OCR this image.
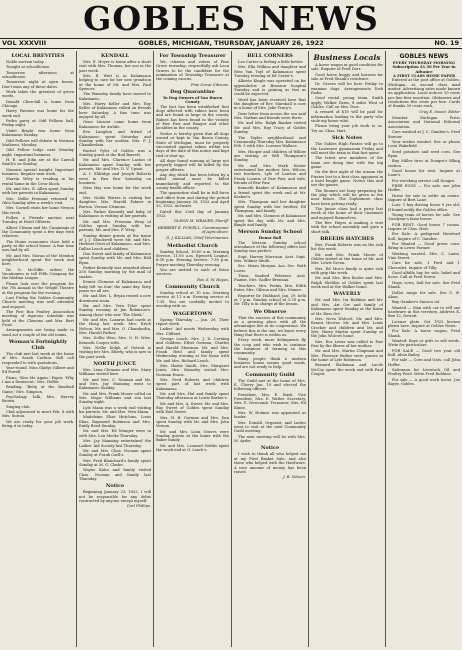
GOBLES NEWS
GOBLES, MICHIGAN, THURSDAY, JANUARY 26, 1922
VOL XXXVIII	NO. 19
LOCAL BREVITIES

Noble auction today.

Tonight at schoolhouse.

Tomorrow afternoon at schoolhouse.

Tomorrow night at open house. Don't miss any of these dates.

Work takes the greenest of green words.

Donald Churchill is home from Chicago.

Harry Parsons was home for the week end.

Pedro party at Odd Fellows hall, Friday night.

Violet Bright was home from Kalamazoo Sunday.

Odd Fellows will debate in Norman Mathews, Monday.

Odd Fellow lodge next Monday night. Important business.

H. E. and John ate at the Carroll Smith's on Sunday.

Masonic special tonight. Important business. Regular next week.

Marvin Veley is residing in his rental home in the Crow block.

Mr. and Mrs. E. Allen spent Sunday with her parents in Kalamazoo.

Mrs. Nellie Fremont returned to Ohio Sunday after a week's visit.

Mrs. Cornell visits her home Vernon this week.

Follow a Friends auction next Tuesday at Hotel Gilberts.

Albert Clemm and Mr. Cummings of the Community spent a few days with relatives.

The Home economics class held a party at the school house. A fine time was had by all.

Mr. and Mrs. Moran of the Mendon neighborhood spent the week end here.

Dr. G. McGiffie orders the Vacationers to tell Fifth Company for the Medina League.

Please look over the program for the 7th Annual in the Wright Theatre at the program for the evening.

Last Friday the Gobles Community Church meeting was well attended and enjoyed.

The Post Box Poultry Association meeting of rigorous schedule was held at the Clemons and Mrs. Bert Frost.

Arrangements are being made to send out a couple of the old teams.

Woman's Fortnightly Club

The club met last week at the home of Mrs. Sarah Carlton. Roll call responded to with quotations.

Year-round, Miss Gladys Gilbert and Ed Powell.

Piano, 'Kiss Me Again.' Paper, 'Why I Am a Democrat,' Mrs. Hoffer.

Reading, 'Betty at the Baseball Game,' Mrs. Simpson.

Psychology Talk, Mrs. Harvey Brown.

Singing club.

Club adjourned to meet Feb. 8 with Mrs. Sutton.

We are ready for your job work. Bring it in today.

KENDALL

Mrs. E. Hoyer is home after a short visit with Mrs. Thomas, her son in the past week.

Mrs. R. Watt is in Kalamazoo helping to care for her new grandson at the home of Mr. and Mrs. Paul Spencer.

The Wamsley family have moved to Kalamazoo.

Mrs. Harry Keller and Mrs. Roy Keller of Kalamazoo called on friends here Saturday. A fine time was enjoyed by all.

Gene Linsner came home from Kalamazoo for awhile.

Eva Langdon and friend of Kalamazoo spent Saturday and Sunday with her mother, Mrs. P. J. Chamberlain.

Rachel Tyler of Gobles was a Sunday guest at the Bud Barrett.

Mr. and Mrs. Clarence Laston of Kalamazoo spent Sunday with her parents, Mr. and Mrs. D. V. Upson.

A. I. Eldridge and Joseph Roberts were in Paw Paw Saturday on business.

Miss Hay was home for the week end.

Mrs. Noble Waters is visiting her daughter, Mrs. Harold Palmer in Burton, Vernon Clemons.

Mrs. Parker Kennedy and baby, of Kalamazoo is visiting at her parents.

Mr. and Mrs. Freeman Wray of Gobles spent Sunday with her parents, Mr. and Mrs. F. Wray.

Sunday dinner guests at the home of J. J. Shuckwell were Mr. and Mrs. Herbert Geist of Kalamazoo, and Mrs. Dallas Leach and children.

Don Sweet and family of Kalamazoo spent Sunday with Mr. and Mrs. Edd Ryan.

Parker Kennedy was awarded about 250 Sunday morning by the mail of snakes.

Ernest Clemons of Kalamazoo and baby left 'on tour' the same day. Sixty years we all are.

Mr. and Mrs. L. Bryan rented a new downtown room.

Mr. and Mrs. Vern Tyler spent Sunday evening at Jim Robinson's. Among those who saw 'The Sheik.'

Mr. and Mrs. Lazarus had cards at the Hoag last week. Mrs. Erich Nelson, Mr. and Mrs. O. Chamberlin, Mrs. Harold Parker.

Mrs. Nellie Wise, Mrs. O. H. Wise, Kenneth Cooper with.

Mrs. Nellie Kolph of Detroit is visiting her Mrs. Eberly, who is now in the past week.

NORTH JUNCT.

Mrs. Lena Clemons and Mrs. Mary Williams visited here.

Mr. and Mrs. C. Noonan and Mr. and Mrs. Jay Manning went to Kalamazoo Sunday.

Mr. and Mrs. Frank Moore called on Mrs. Major Williams and son last Sunday night.

Lyle Mann was a week end visiting his parents, Mr. and Mrs. Vern Mann.

Madeleine Elias Hutchins, Louis Elias, Raymond Robinson and Mrs. Emily Reed Sunday.

Mr. and Mrs. Ed Munger were in with Mrs. Lou Meeks Thursday.

Mrs. Jay Manning entertained the Ladies' Aid Society last Thursday.

Mr. and Mrs. Chas. Noonan spent Sunday at Frank Carll's.

Mrs. Fred Blanchard's family spent Sunday at M. G. Clarke.

Wayne Kuhn and family visited Chas. Noonan and family last Thursday.

Notice

Beginning January 23, 1922, I will not be responsible for any debts contracted by anyone except myself.

Carl Phillips.
For Township Treasurer

We, citizens and voters of Pine Grove township, respectfully ask Leon Graves to be the candidate for the nomination of Township Treasurer at the coming caucus.

Pine Grove Citizens.
Dog Quarantine
To Dog Owners of Van Buren County

The fact has been established that dogs affected with rabies have been and are found at large in the county. Rabies has been found in the vicinity of Paw Paw and Bangor and other localities in the county.

Notice is hereby given that all dogs owned or kept in Van Buren County, State of Michigan, must be properly vaccinated against rabies within ten days of the date of this notice and kept tied or shut up.

All dogs found running at large not properly tagged will be killed by the proper officers.

Any dog which has been bitten by a rabid animal must be killed immediately and reported to the county health officer.

The quarantine shall be in full force and effect from and during the period beginning January 26, 1922 and April 25, 1922, inclusive.

Dated this 23rd day of January 1922.

GLENN M. WEAVER, Sheriff.
HERBERT E. POWELL, Commissioner of Agriculture.
D. J. KILLIAN, Chief Veterinarian.
Methodist Church

Sunday School, 10:00 a.m. Morning Service, 11:00 a.m. Epworth League, 6:30 p.m. Evening Service, 7:30 p.m. Prayer meeting Thursday evening.

You are invited to each of these services.

Rev. S. W. Hayes.
Community Church

Sunday school at 10 a.m. Morning service at 11 a.m. Evening service at 7:30. You are cordially invited to worship with us.

WAGERTOWN

Spring Thursday — Jan. 26. Their report week.

Ladies' Aid meets Wednesday with Mrs. Clifford.

George Leach, Mrs. J. D. Corning and children, Ethel Gorman, Charles and Harold Sherman. Mr. and Mrs. Frank Reid and family spent Wednesday evening at the home with Mr. and Mrs. Richard Leach.

Mrs. Hattie Smith, Mrs. Margaret Jones, Mrs. Wamsley visited Mrs. Norman Evans.

Mrs. Fred Roberts and children spent part of last week with Kalamazoo.

Mr. and Mrs. Hal and family spent Thursday afternoon at Lewis Barker's.

Mr. and Mrs. A. Sweet, Mr. and Mrs. Ray Sweet of Gobles spent Sunday with Earl Sweet.

Mrs. H. B. Gorman and Mrs. Dan spent Sunday with Mr. and Mrs. John Vernon.

Mr. and Mrs. Leon Graves were Sunday guests at the home with the Baker family.

Mr. and Mrs. Leonard Gribbs spent the week end at G. Leach's.

BELL CORNERS

Leo Carter is feeling a little better.

Mrs. Ella Wilkins and daughter and Miss Van Tuyl of Kalamazoo spent Tuesday evening at Ed Carter's.

Alberta Kingle was operated on for appendicitis at Bronson hospital Tuesday and is gaining as fast as could be expected.

Word has been received here that the daughter of Rev. Marshall is now in a home of Mrs. Julie Tracy's.

Dear letter from across the sea said Mrs. Nathan and friends were there.

Mr. and Mrs. Ralph Banker visited Mr. and Mrs. Roy Tracy of Gobles Sunday.

The Taylor neighborhood and Community Thursday Mrs. Kalamazoo Feb. 3 with Mrs. Lorenzo Wallace.

Mrs. Hooper and children of Willow are visiting at Will Thompson's Sunday.

Mr. and Mrs. Mark Kester entertained her mother, Mrs. Wilcox, two brothers, Lyle of Lawton and Frank Loomis of Paw Paw, and wife, friends of Paw Paw.

Kenneth Banker of Kalamazoo and a friend spent the week end at Mr. Kecker's.

Mrs. Thompson and her daughter spent Sunday with her brother, Ed Thompson, and family.

Mr. and Mrs. Clemens of Kalamazoo spent the day with Mr. and Mrs. Bingle and family.

Merson Sunday School
Honor Roll

The Merson Sunday school attendance of the following offers last Sunday was perfect:

Supt. Harvey Morrison. Asst. Supt. Mrs. Wilmer Smith.

Sec. Mines Morgan. Ass. Sec. Ruth Lewis.

Treas. Sanford Peterson. Asst. Pianist, Mrs. Sadler Brennan.

Teachers, Mrs. Perkis, Mrs. Edith Eater, Mrs. Gibson and Mrs. Maxon.

Reporter Dr. Hubbard. Jan. 29, held at 7 p.m. Sunday school at 1:30 p.m. Mr. Tilly is in charge of the lesson.

We Observe

That the success of this community as a growing place with all the advantages lies in its cooperation. We believe this is the one, we know every thing that there is within us.

Every week, more delinquents fly the coop and who wish to continue the business of farming in this community.

Many people think a modern business house means good roads, and are not ready to help.

Community Guild

The Guild met at the home of Mrs. E. Cherry Jan. 19 and elected the following officers:

President, Mrs. E. Bush. Vice President, Mrs. E. Walter. Secretary, Mrs. E. Newcomb. Treasurer, Mrs. Ed Kinne.

Mrs. W. Holmes was appointed as leader.

Mrs. Donald, Organist, and Ladies went to visit at the next Community Guild meeting.

The next meeting will be with Mrs. M. Ayder.

Notice

I wish to thank all who helped me at my First Basket Sale, and also those who helped with the Hardware. A nice amount of money has been raised.

J. B. Nelson.
Business Locals

A horse wagon in good condition for sale. Enquire of Fred Dorr.

Good horse buggy and harness for sale at Fred Shank's residence.

Dr. Graves will be here Friday to examine dogs. Arrangements Dick Parks.

Good rental young team, Smith apply, Walker Farm, 8 miles West of Gobles. Call on Mrs. Dorr.

A reward of $10 will be paid for information leading to the party who stole my horse robe.

Please bring your job work to us. Try us. Chas. Hart.

Sick Notes

The Gobles High Pirates will go to the Lawrence gymnasium Friday and will meet the team in that fast game.

The latest new members of the team are doing fine with the big game.

On the first night of the season the Pirates lost to a first class opponent in a hard fought game. Notice this and see the games.

The Seniors are busy preparing for the play which will be given in the near future. The Sophomore class have been getting ready.

The Junior class had a party last week at the home of their classmate and enjoyed themselves.

The Rev. Hayes is making a visit with the school assembly and gave a short talk.

BREEDS HATCHES

Mrs. Frank Roberts was on the sick list this week.

Mr. and Mrs. Frank Moore of Gobles visited at the home of Mr. and Mrs. Lewis Green.

Mrs. Ed Moe's family is quite sick with grip this week.

Mr. and Mrs. Ben Kesler and Mrs. Ralph Sheldon of Gobles spent last week end at the Walker home.

WAVERLY

Mr. and Mrs. Ira Robbins and Mr. and Mrs. Art Orr and family of Kalamazoo spent Sunday at the home of Mr. Ross Orr.

Mrs. Neva Wolcott, Mr. and Mrs. Ernest Hoover, Mr. and Mrs. Louis Crocker and children and Mr. and Mrs. Harry Martin spent Sunday at the John Wolcott home.

Mrs. Eva Lewis was called to Paw Paw by the illness of her mother.

Mr. and Mrs. Martin Chapman and Mrs. Florence Parker were guests at the home of Lyle Robinson.

Bernard Slademan and Lucile McCoy spent the week end with Paul Cooper.

GOBLES NEWS
EVERY THURSDAY MORNING
Subscription $1.50 Per Year in Advance
A FIRST CLASS HOME PAPER

Entered at the post office at Gobles, Michigan, as second class mail matter. Advertising rates made known on application. Local notices 10 cents per line first insertion. Obituaries and resolutions five cents per line. Cards of thanks 50 cents each.

Cray E. Sweet, Editor

Member Michigan Press Association and National Editorial Association.

Cars washed at J. C. Gamber's. Fred Bowser.

Your wishes wanted. See or phone Leon Wakefield.

Seed potatoes and seed corn. See Ryan.

Buy Miller tires at Donges's filling station.

Good house for rent. Inquire at Lane's.

For wrecking service call Donges.

FREE EGGS — For sale, see John Hoffer.

Horse for sale to settle an estate. Inquire of Bert Lane.

Lost: 1 bay driving horse 9 yrs old. If found notify the Gobles office.

Young team of horses for sale. See Goodyear's farm lessee.

FOR RENT: Good house 7 rooms. Inquire of Chas. Hart.

For Sale: A pedigreed Hereford bull. Inquire of C. Gamber.

For Wanted — Good green corn. Bring in Lewis Farmer.

Washing wanted. Mrs. C. Lantz, Vine Street.

Cars for sale, 1 Ford and 1 Chevrolet. Inquire of Tilly.

Good alfalfa hay for sale, baled and loose. Call at Fred Doren.

Hogs, sows, bull for sale. See Fred Shank.

Dollar range for sale. See C. B. Ahan.

Buy Gamber's Sunoco oil.

Wanted — Man with car to sell our hardware in this territory. Address X. Box 12, Detroit.

License plate. Get 1922 license plates here. Inquire at Gobles News.

For Sale: A horse wagon, Fred Shank.

Wanted: Boys or girls to sell seeds. Write for particulars.

FOR SALE — Good two year old bull. Alvin Bailey.

For sale — Corn and Oats, call John Hoffer.

Salesman for Livestock Oil and Poultry Feed. Write Fred Robbins.

For sale — A good work horse. Joe Bayer, Gobles.
